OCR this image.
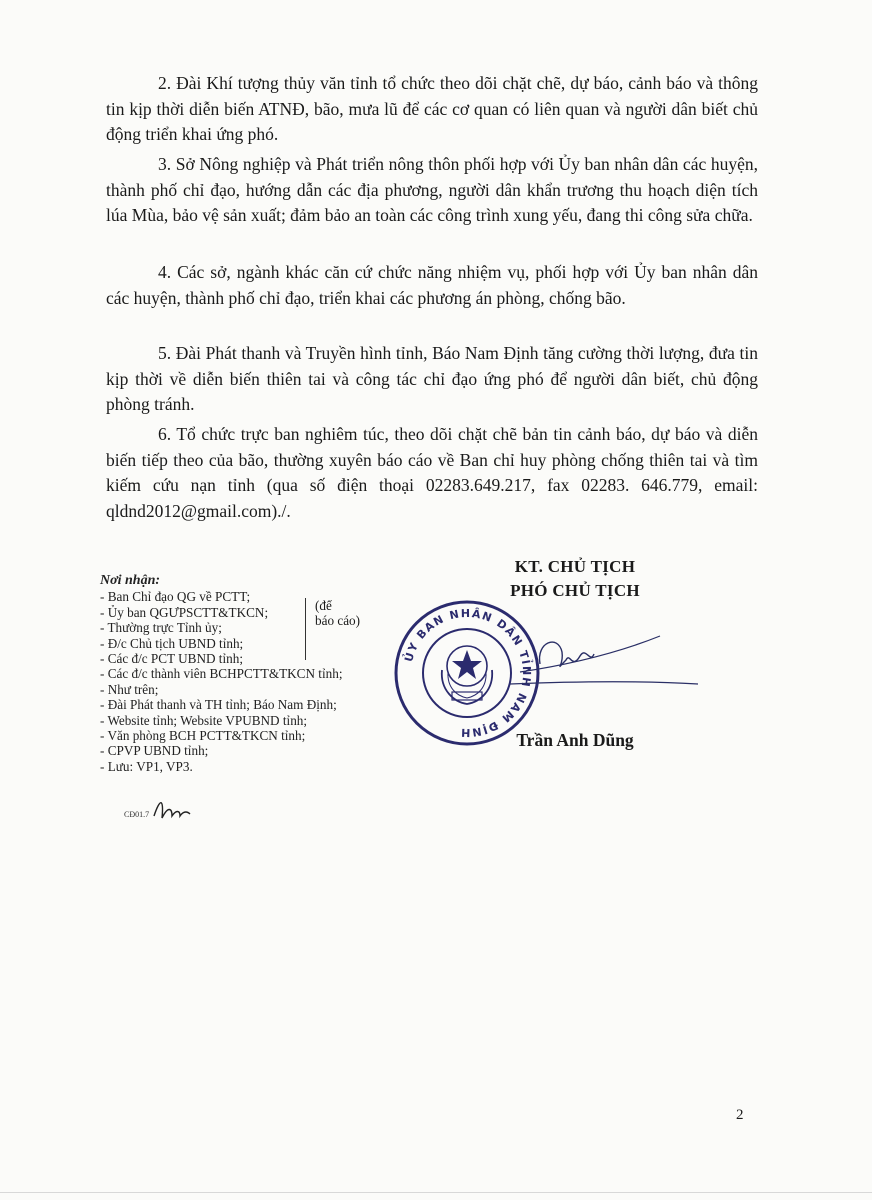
2. Đài Khí tượng thủy văn tỉnh tổ chức theo dõi chặt chẽ, dự báo, cảnh báo và thông tin kịp thời diễn biến ATNĐ, bão, mưa lũ để các cơ quan có liên quan và người dân biết chủ động triển khai ứng phó.

3. Sở Nông nghiệp và Phát triển nông thôn phối hợp với Ủy ban nhân dân các huyện, thành phố chỉ đạo, hướng dẫn các địa phương, người dân khẩn trương thu hoạch diện tích lúa Mùa, bảo vệ sản xuất; đảm bảo an toàn các công trình xung yếu, đang thi công sửa chữa.

4. Các sở, ngành khác căn cứ chức năng nhiệm vụ, phối hợp với Ủy ban nhân dân các huyện, thành phố chỉ đạo, triển khai các phương án phòng, chống bão.

5. Đài Phát thanh và Truyền hình tỉnh, Báo Nam Định tăng cường thời lượng, đưa tin kịp thời về diễn biến thiên tai và công tác chỉ đạo ứng phó để người dân biết, chủ động phòng tránh.

6. Tổ chức trực ban nghiêm túc, theo dõi chặt chẽ bản tin cảnh báo, dự báo và diễn biến tiếp theo của bão, thường xuyên báo cáo về Ban chỉ huy phòng chống thiên tai và tìm kiếm cứu nạn tỉnh (qua số điện thoại 02283.649.217, fax 02283. 646.779, email: qldnd2012@gmail.com)./.

Nơi nhận:
- Ban Chỉ đạo QG về PCTT;
- Ủy ban QGƯPSCTT&TKCN;
- Thường trực Tỉnh ủy;
- Đ/c Chủ tịch UBND tỉnh;
- Các đ/c PCT UBND tỉnh;
- Các đ/c thành viên BCHPCTT&TKCN tỉnh;
- Như trên;
- Đài Phát thanh và TH tỉnh; Báo Nam Định;
- Website tỉnh; Website VPUBND tỉnh;
- Văn phòng BCH PCTT&TKCN tỉnh;
- CPVP UBND tỉnh;
- Lưu: VP1, VP3.
(để
báo cáo)
CĐ01.7
KT. CHỦ TỊCH
PHÓ CHỦ TỊCH
ỦY BAN NHÂN DÂN TỈNH NAM ĐỊNH	Trần Anh Dũng
2
